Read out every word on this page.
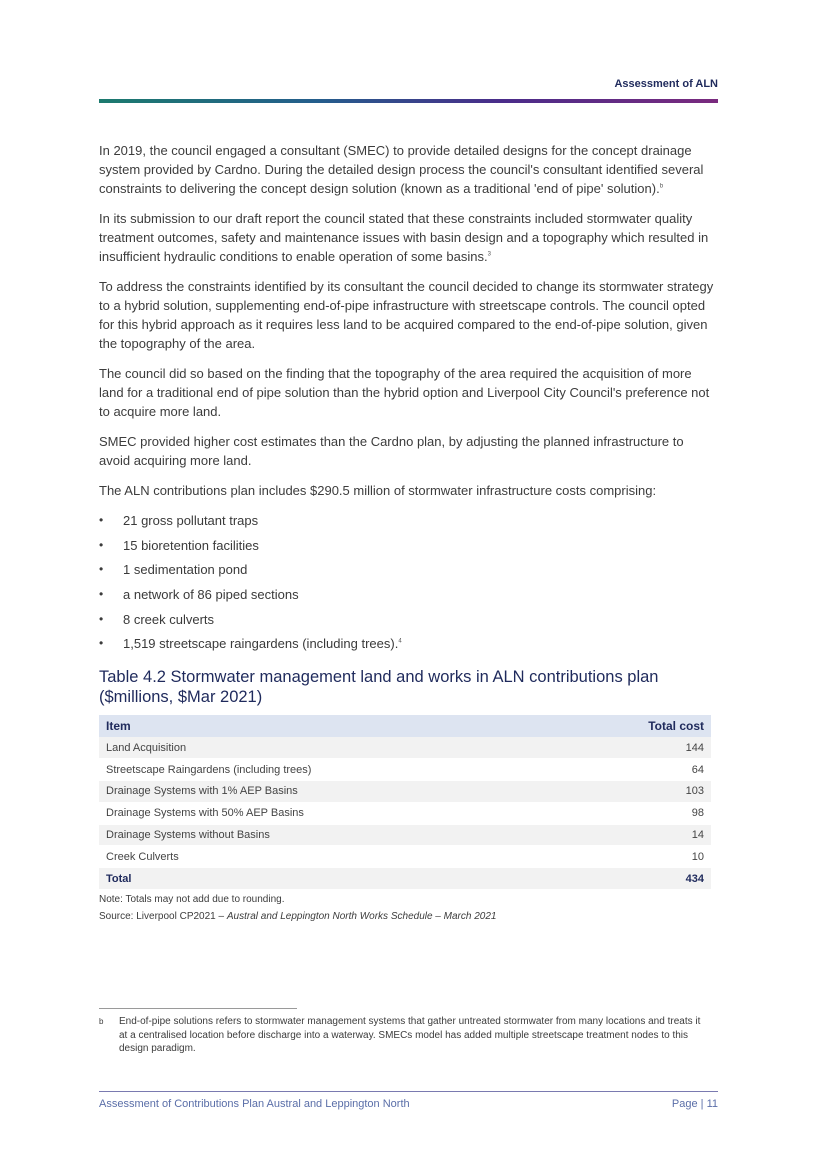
Assessment of ALN

In 2019, the council engaged a consultant (SMEC) to provide detailed designs for the concept drainage system provided by Cardno. During the detailed design process the council's consultant identified several constraints to delivering the concept design solution (known as a traditional 'end of pipe' solution).$^b$

In its submission to our draft report the council stated that these constraints included stormwater quality treatment outcomes, safety and maintenance issues with basin design and a topography which resulted in insufficient hydraulic conditions to enable operation of some basins.$^3$

To address the constraints identified by its consultant the council decided to change its stormwater strategy to a hybrid solution, supplementing end-of-pipe infrastructure with streetscape controls. The council opted for this hybrid approach as it requires less land to be acquired compared to the end-of-pipe solution, given the topography of the area.

The council did so based on the finding that the topography of the area required the acquisition of more land for a traditional end of pipe solution than the hybrid option and Liverpool City Council's preference not to acquire more land.

SMEC provided higher cost estimates than the Cardno plan, by adjusting the planned infrastructure to avoid acquiring more land.

The ALN contributions plan includes $290.5 million of stormwater infrastructure costs comprising:

• 21 gross pollutant traps
• 15 bioretention facilities
• 1 sedimentation pond
• a network of 86 piped sections
• 8 creek culverts
• 1,519 streetscape raingardens (including trees).$^4$
Table 4.2 Stormwater management land and works in ALN contributions plan ($millions, $Mar 2021)
Item	Total cost
Land Acquisition	144
Streetscape Raingardens (including trees)	64
Drainage Systems with 1% AEP Basins	103
Drainage Systems with 50% AEP Basins	98
Drainage Systems without Basins	14
Creek Culverts	10
Total	434
Note: Totals may not add due to rounding.
Source: Liverpool CP2021 – Austral and Leppington North Works Schedule – March 2021
b End-of-pipe solutions refers to stormwater management systems that gather untreated stormwater from many locations and treats it at a centralised location before discharge into a waterway. SMECs model has added multiple streetscape treatment nodes to this design paradigm.
Assessment of Contributions Plan Austral and Leppington North	Page | 11
